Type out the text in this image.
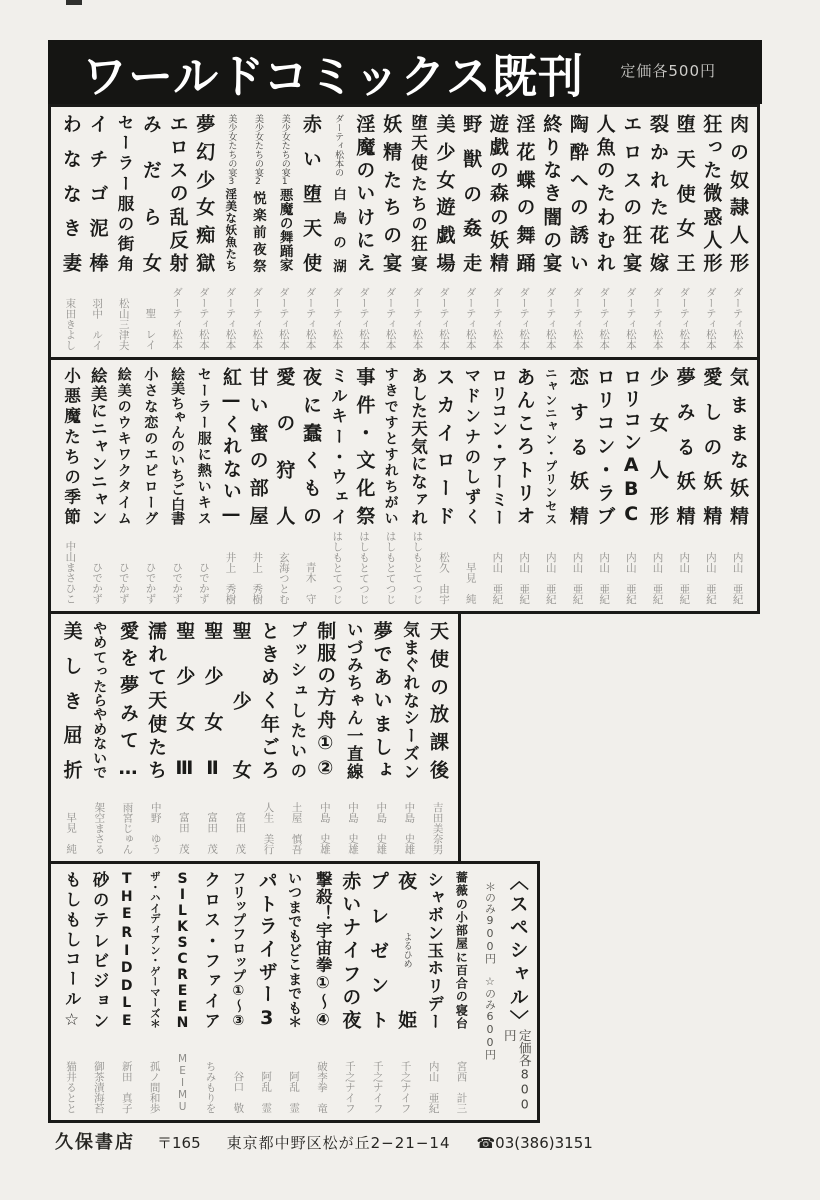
ワールドコミックス既刊 定価各500円
肉
の
奴
隷
人
形
ダーティ松本
狂
っ
た
微
惑
人
形
ダーティ松本
堕
天
使
女
王
ダーティ松本
裂
か
れ
た
花
嫁
ダーティ松本
エ
ロ
ス
の
狂
宴
ダーティ松本
人
魚
の
た
わ
む
れ
ダーティ松本
陶
酔
へ
の
誘
い
ダーティ松本
終
り
な
き
闇
の
宴
ダーティ松本
淫
花
蝶
の
舞
踊
ダーティ松本
遊
戯
の
森
の
妖
精
ダーティ松本
野
獣
の
姦
走
ダーティ松本
美
少
女
遊
戯
場
ダーティ松本
堕
天
使
た
ち
の
狂
宴
ダーティ松本
妖
精
た
ち
の
宴
ダーティ松本
淫
魔
の
い
け
に
え
ダーティ松本
ダーティ松本の
白
鳥
の
湖
ダーティ松本
赤
い
堕
天
使
ダーティ松本
美少女たちの宴1
悪
魔
の
舞
踊
家
ダーティ松本
美少女たちの宴2
悦
楽
前
夜
祭
ダーティ松本
美少女たちの宴3
淫
美
な
妖
魚
た
ち
ダーティ松本
夢
幻
少
女
痴
獄
ダーティ松本
エ
ロ
ス
の
乱
反
射
ダーティ松本
み
だ
ら
女
聖　レイ
セ
ー
ラ
ー
服
の
街
角
松山三津夫
イ
チ
ゴ
泥
棒
羽中　ルイ
わ
な
な
き
妻
束田きよし
気
ま
ま
な
妖
精
内山　亜紀
愛
し
の
妖
精
内山　亜紀
夢
み
る
妖
精
内山　亜紀
少
女
人
形
内山　亜紀
ロ
リ
コ
ン
A
B
C
内山　亜紀
ロ
リ
コ
ン
・
ラ
ブ
内山　亜紀
恋
す
る
妖
精
内山　亜紀
ニ
ャ
ン
ニ
ャ
ン
・
プ
リ
ン
セ
ス
内山　亜紀
あ
ん
こ
ろ
ト
リ
オ
内山　亜紀
ロ
リ
コ
ン
・
ア
ー
ミ
ー
内山　亜紀
マ
ド
ン
ナ
の
し
ず
く
早見　純
ス
カ
イ
ロ
ー
ド
松久　由宇
あ
し
た
天
気
に
な
ァ
れ
はしもとてつじ
す
き
で
す
と
す
れ
ち
が
い
はしもとてつじ
事
件
・
文
化
祭
はしもとてつじ
ミ
ル
キ
ー
・
ウ
ェ
イ
はしもとてつじ
夜
に
蠢
く
も
の
青木　守
愛
の
狩
人
玄海つとむ
甘
い
蜜
の
部
屋
井上　秀樹
紅
—
く
れ
な
い
—
井上　秀樹
セ
ー
ラ
ー
服
に
熱
い
キ
ス
ひでかず
絵
美
ち
ゃ
ん
の
い
ち
ご
白
書
ひでかず
小
さ
な
恋
の
エ
ピ
ロ
ー
グ
ひでかず
絵
美
の
ウ
キ
ワ
ク
タ
イ
ム
ひでかず
絵
美
に
ニ
ャ
ン
ニ
ャ
ン
ひでかず
小
悪
魔
た
ち
の
季
節
中山まさひこ
天
使
の
放
課
後
吉田美奈男
気
ま
ぐ
れ
な
シ
ー
ズ
ン
中島　史雄
夢
で
あ
い
ま
し
ょ
中島　史雄
い
づ
み
ち
ゃ
ん
一
直
線
中島　史雄
制
服
の
方
舟
①
②
中島　史雄
プ
ッ
シ
ュ
し
た
い
の
土屋　慎吾
と
き
め
く
年
ご
ろ
人生　美行
聖
少
女
富田　茂
聖
少
女
Ⅱ
富田　茂
聖
少
女
Ⅲ
富田　茂
濡
れ
て
天
使
た
ち
中野　ゆう
愛
を
夢
み
て
…
雨宮じゅん
や
め
て
っ
た
ら
や
め
な
い
で
架空まさる
美
し
き
屈
折
早見　純
〈
ス
ペ
シ
ャ
ル
〉
定価各800円
＊のみ900円　☆のみ600円
薔
薇
の
小
部
屋
に
百
合
の
寝
台
宮西　計三
シ
ャ
ボ
ン
玉
ホ
リ
デ
ー
内山　亜紀
夜
よるひめ
姫
千之ナイフ
プ
レ
ゼ
ン
ト
千之ナイフ
赤
い
ナ
イ
フ
の
夜
千之ナイフ
撃
殺
！
宇
宙
拳
①
〜
④
破李拳　竜
い
つ
ま
で
も
ど
こ
ま
で
も
＊
阿乱　霊
パ
ト
ラ
イ
ザ
ー
3
阿乱　霊
フ
リ
ッ
プ
フ
ロ
ッ
プ
①
〜
③
谷口　敬
ク
ロ
ス
・
フ
ァ
イ
ア
ちみもりを
S
I
L
K
S
C
R
E
E
N
MEIMU
ザ
・
ハ
イ
デ
ィ
ア
ン
・
ゲ
ー
マ
ー
ズ
＊
孤ノ間和歩
T
H
E
R
I
D
D
L
E
新田　真子
砂
の
テ
レ
ビ
ジ
ョ
ン
御茶漬海苔
も
し
も
し
コ
ー
ル
☆
猫井るとと
久保書店 〒165 東京都中野区松が丘2−21−14 ☎03(386)3151
